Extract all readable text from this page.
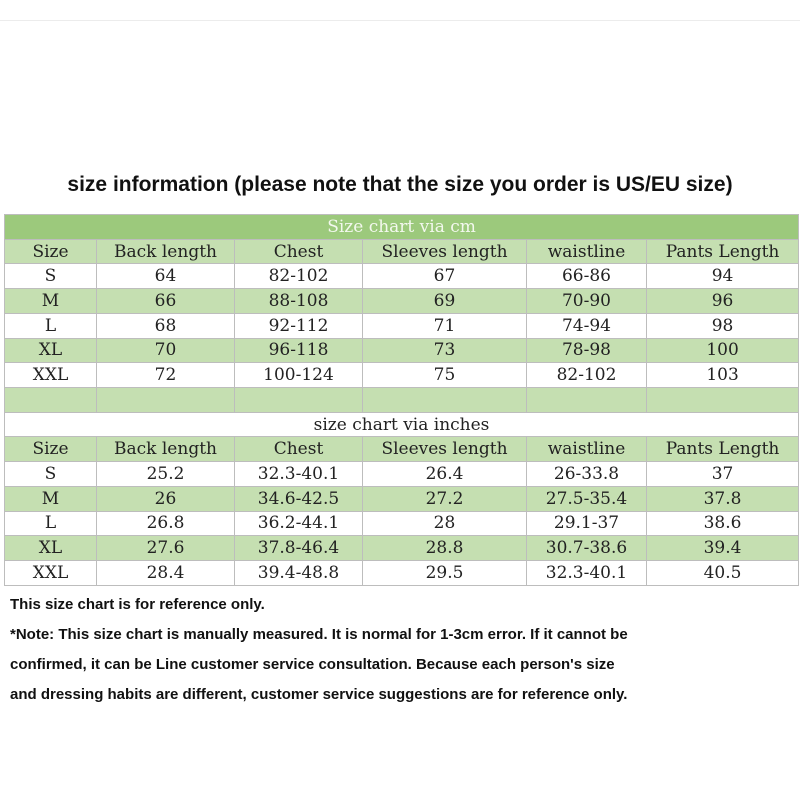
size information (please note that the size you order is US/EU size)
Size chart via cm					
Size	Back length	Chest	Sleeves length	waistline	Pants Length
S	64	82-102	67	66-86	94
M	66	88-108	69	70-90	96
L	68	92-112	71	74-94	98
XL	70	96-118	73	78-98	100
XXL	72	100-124	75	82-102	103

size chart via inches					
Size	Back length	Chest	Sleeves length	waistline	Pants Length
S	25.2	32.3-40.1	26.4	26-33.8	37
M	26	34.6-42.5	27.2	27.5-35.4	37.8
L	26.8	36.2-44.1	28	29.1-37	38.6
XL	27.6	37.8-46.4	28.8	30.7-38.6	39.4
XXL	28.4	39.4-48.8	29.5	32.3-40.1	40.5

This size chart is for reference only.

*Note: This size chart is manually measured. It is normal for 1-3cm error. If it cannot be

confirmed, it can be Line customer service consultation. Because each person's size

and dressing habits are different, customer service suggestions are for reference only.
